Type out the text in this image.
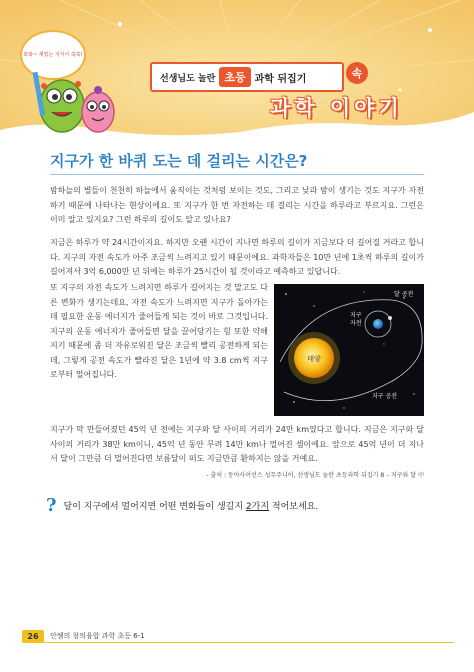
와와~ 재밌는 지식이 쑥쑥!
선생님도 놀란 초등 과학 뒤집기	속
과학 이야기
지구가 한 바퀴 도는 데 걸리는 시간은?

밤하늘의 별들이 천천히 하늘에서 움직이는 것처럼 보이는 것도, 그리고 낮과 밤이 생기는 것도 지구가 자전하기 때문에 나타나는 현상이에요. 또 지구가 한 번 자전하는 데 걸리는 시간을 하루라고 부르지요. 그런은 이미 알고 있지요? 그런 하루의 길이도 알고 있나요?

지금은 하루가 약 24시간이지요. 하지만 오랜 시간이 지나면 하루의 길이가 지금보다 더 길어질 거라고 합니다. 지구의 자전 속도가 아주 조금씩 느려지고 있기 때문이에요. 과학자들은 10만 년에 1초씩 하루의 길이가 길어져서 3억 6,000만 년 뒤에는 하루가 25시간이 될 것이라고 예측하고 있답니다.

또 지구의 자전 속도가 느려지면 하루가 길어지는 것 말고도 다른 변화가 생기는데요, 자전 속도가 느려지면 지구가 돌아가는 데 필요한 운동 에너지가 줄어들게 되는 것이 바로 그것입니다. 지구의 운동 에너지가 줄어들면 달을 끌어당기는 힘 또한 약해지기 때문에 좀 더 자유로워진 달은 조금씩 빨리 공전하게 되는데, 그렇게 공전 속도가 빨라진 달은 1년에 약 3.8 cm씩 지구로부터 멀어집니다.

태양
달 공전
지구
자전
지구 공전

지구가 막 만들어졌던 45억 년 전에는 지구와 달 사이의 거리가 24만 km였다고 합니다. 지금은 지구와 달 사이의 거리가 38만 km이니, 45억 년 동안 무려 14만 km나 멀어진 셈이에요. 앞으로 45억 년이 더 지나서 달이 그만큼 더 멀어진다면 보름달이 떠도 지금만큼 환하지는 않을 거예요.

- 출처 : 동아사이언스 성무주니어, 선생님도 놀란 초등과학 뒤집기 8 – 지구와 달 中
? 달이 지구에서 멀어지면 어떤 변화들이 생길지 2가지 적어보세요.
26	안쌤의 창의융합 과학 초등 6-1
